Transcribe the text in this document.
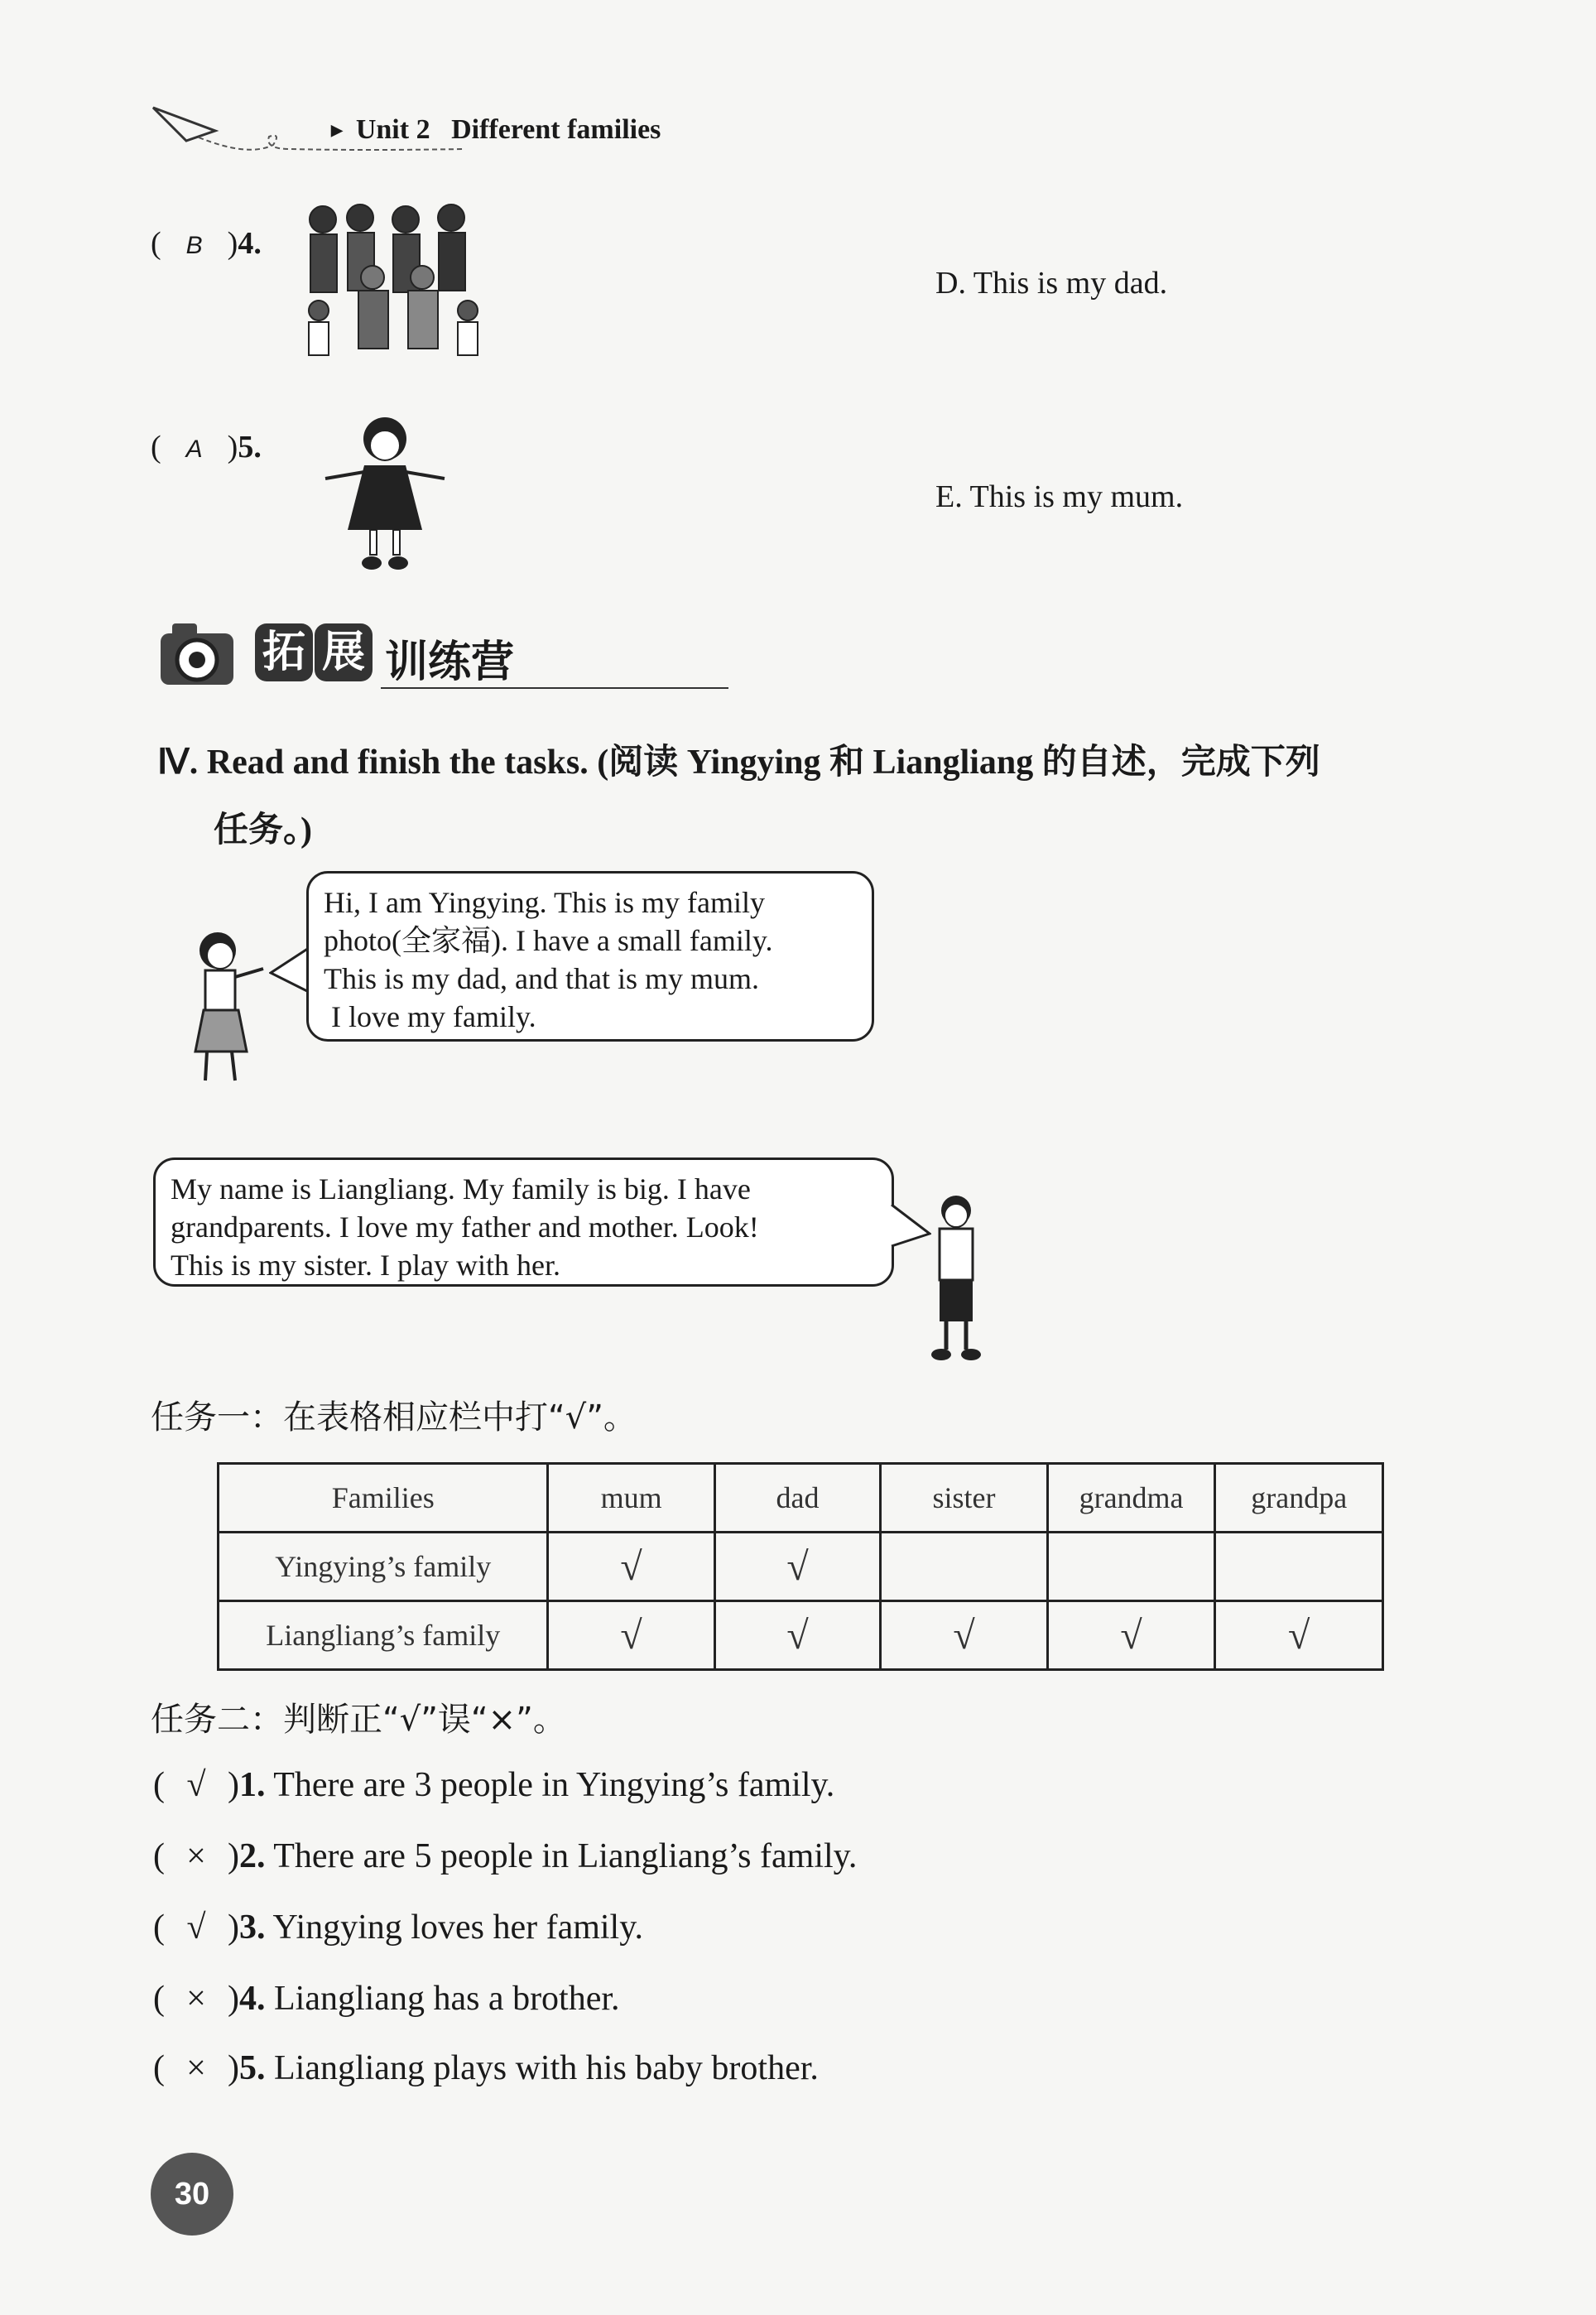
▶ Unit 2 Different families
( B )4.
D. This is my dad.
( A )5.
E. This is my mum.
拓 展 训练营
Ⅳ. Read and finish the tasks. (阅读 Yingying 和 Liangliang 的自述，完成下列
任务。)
Hi, I am Yingying. This is my family
photo(全家福). I have a small family.
This is my dad, and that is my mum.
I love my family.
My name is Liangliang. My family is big. I have
grandparents. I love my father and mother. Look!
This is my sister. I play with her.
任务一：在表格相应栏中打“√”。
Families	mum	dad	sister	grandma	grandpa
Yingying’s family	√	√			
Liangliang’s family	√	√	√	√	√
任务二：判断正“√”误“×”。
( √ )1. There are 3 people in Yingying’s family.
( × )2. There are 5 people in Liangliang’s family.
( √ )3. Yingying loves her family.
( × )4. Liangliang has a brother.
( × )5. Liangliang plays with his baby brother.
30
